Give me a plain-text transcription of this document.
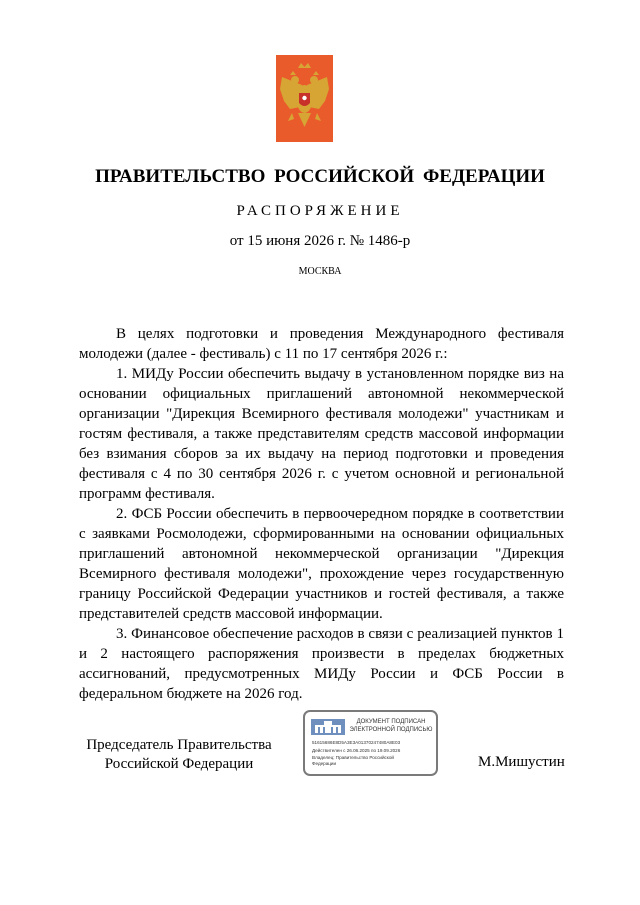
ПРАВИТЕЛЬСТВО РОССИЙСКОЙ ФЕДЕРАЦИИ
РАСПОРЯЖЕНИЕ
от 15 июня 2026 г. № 1486-р
МОСКВА

В целях подготовки и проведения Международного фестиваля молодежи (далее - фестиваль) с 11 по 17 сентября 2026 г.:

1. МИДу России обеспечить выдачу в установленном порядке виз на основании официальных приглашений автономной некоммерческой организации "Дирекция Всемирного фестиваля молодежи" участникам и гостям фестиваля, а также представителям средств массовой информации без взимания сборов за их выдачу на период подготовки и проведения фестиваля с 4 по 30 сентября 2026 г. с учетом основной и региональной программ фестиваля.

2. ФСБ России обеспечить в первоочередном порядке в соответствии с заявками Росмолодежи, сформированными на основании официальных приглашений автономной некоммерческой организации "Дирекция Всемирного фестиваля молодежи", прохождение через государственную границу Российской Федерации участников и гостей фестиваля, а также представителей средств массовой информации.

3. Финансовое обеспечение расходов в связи с реализацией пунктов 1 и 2 настоящего распоряжения произвести в пределах бюджетных ассигнований, предусмотренных МИДу России и ФСБ России в федеральном бюджете на 2026 год.

Председатель Правительства
Российской Федерации
ДОКУМЕНТ ПОДПИСАН
ЭЛЕКТРОННОЙ ПОДПИСЬЮ
51615686E8D5A3E3A01370247480A8E03
Действителен с 26.06.2025 по 19.09.2026
Владелец: Правительство Российской
Федерации	М.Мишустин
